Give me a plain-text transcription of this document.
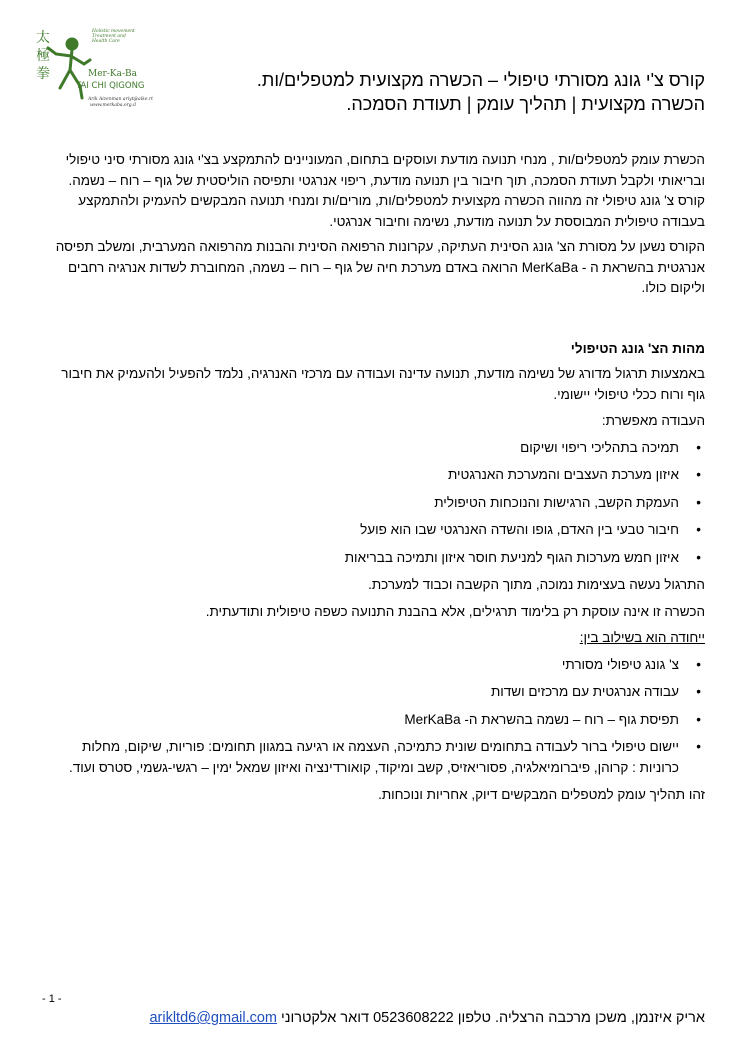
太
極
拳
Holistic movement
Treatment and
Health Care
Mer-Ka-Ba
TAI CHI QIGONG
Arik Aizenman ariyt@aike.rt
www.merkaba.org.il
קורס צ'י גונג מסורתי טיפולי – הכשרה מקצועית למטפלים/ות.
הכשרה מקצועית | תהליך עומק | תעודת הסמכה.

הכשרת עומק למטפלים/ות , מנחי תנועה מודעת ועוסקים בתחום, המעוניינים להתמקצע בצ'י גונג מסורתי סיני טיפולי ובריאותי ולקבל תעודת הסמכה, תוך חיבור בין תנועה מודעת, ריפוי אנרגטי ותפיסה הוליסטית של גוף – רוח – נשמה.

קורס צ' גונג טיפולי זה מהווה הכשרה מקצועית למטפלים/ות, מורים/ות ומנחי תנועה המבקשים להעמיק ולהתמקצע בעבודה טיפולית המבוססת על תנועה מודעת, נשימה וחיבור אנרגטי.

הקורס נשען על מסורת הצ' גונג הסינית העתיקה, עקרונות הרפואה הסינית והבנות מהרפואה המערבית, ומשלב תפיסה אנרגטית בהשראת ה - MerKaBa הרואה באדם מערכת חיה של גוף – רוח – נשמה, המחוברת לשדות אנרגיה רחבים וליקום כולו.

מהות הצ' גונג הטיפולי

באמצעות תרגול מדורג של נשימה מודעת, תנועה עדינה ועבודה עם מרכזי האנרגיה, נלמד להפעיל ולהעמיק את חיבור גוף ורוח ככלי טיפולי יישומי.

העבודה מאפשרת:

• תמיכה בתהליכי ריפוי ושיקום
• איזון מערכת העצבים והמערכת האנרגטית
• העמקת הקשב, הרגישות והנוכחות הטיפולית
• חיבור טבעי בין האדם, גופו והשדה האנרגטי שבו הוא פועל
• איזון חמש מערכות הגוף למניעת חוסר איזון ותמיכה בבריאות

התרגול נעשה בעצימות נמוכה, מתוך הקשבה וכבוד למערכת.

הכשרה זו אינה עוסקת רק בלימוד תרגילים, אלא בהבנת התנועה כשפה טיפולית ותודעתית.

ייחודה הוא בשילוב בין:

• צ' גונג טיפולי מסורתי
• עבודה אנרגטית עם מרכזים ושדות
• תפיסת גוף – רוח – נשמה בהשראת ה- MerKaBa
• יישום טיפולי ברור לעבודה בתחומים שונית כתמיכה, העצמה או רגיעה במגוון תחומים: פוריות, שיקום, מחלות כרוניות : קרוהן, פיברומיאלגיה, פסוריאזיס, קשב ומיקוד, קואורדינציה ואיזון שמאל ימין – רגשי-גשמי, סטרס ועוד.

זהו תהליך עומק למטפלים המבקשים דיוק, אחריות ונוכחות.

- 1 -
אריק איזנמן, משכן מרכבה הרצליה. טלפון 0523608222 דואר אלקטרוני arikltd6@gmail.com
